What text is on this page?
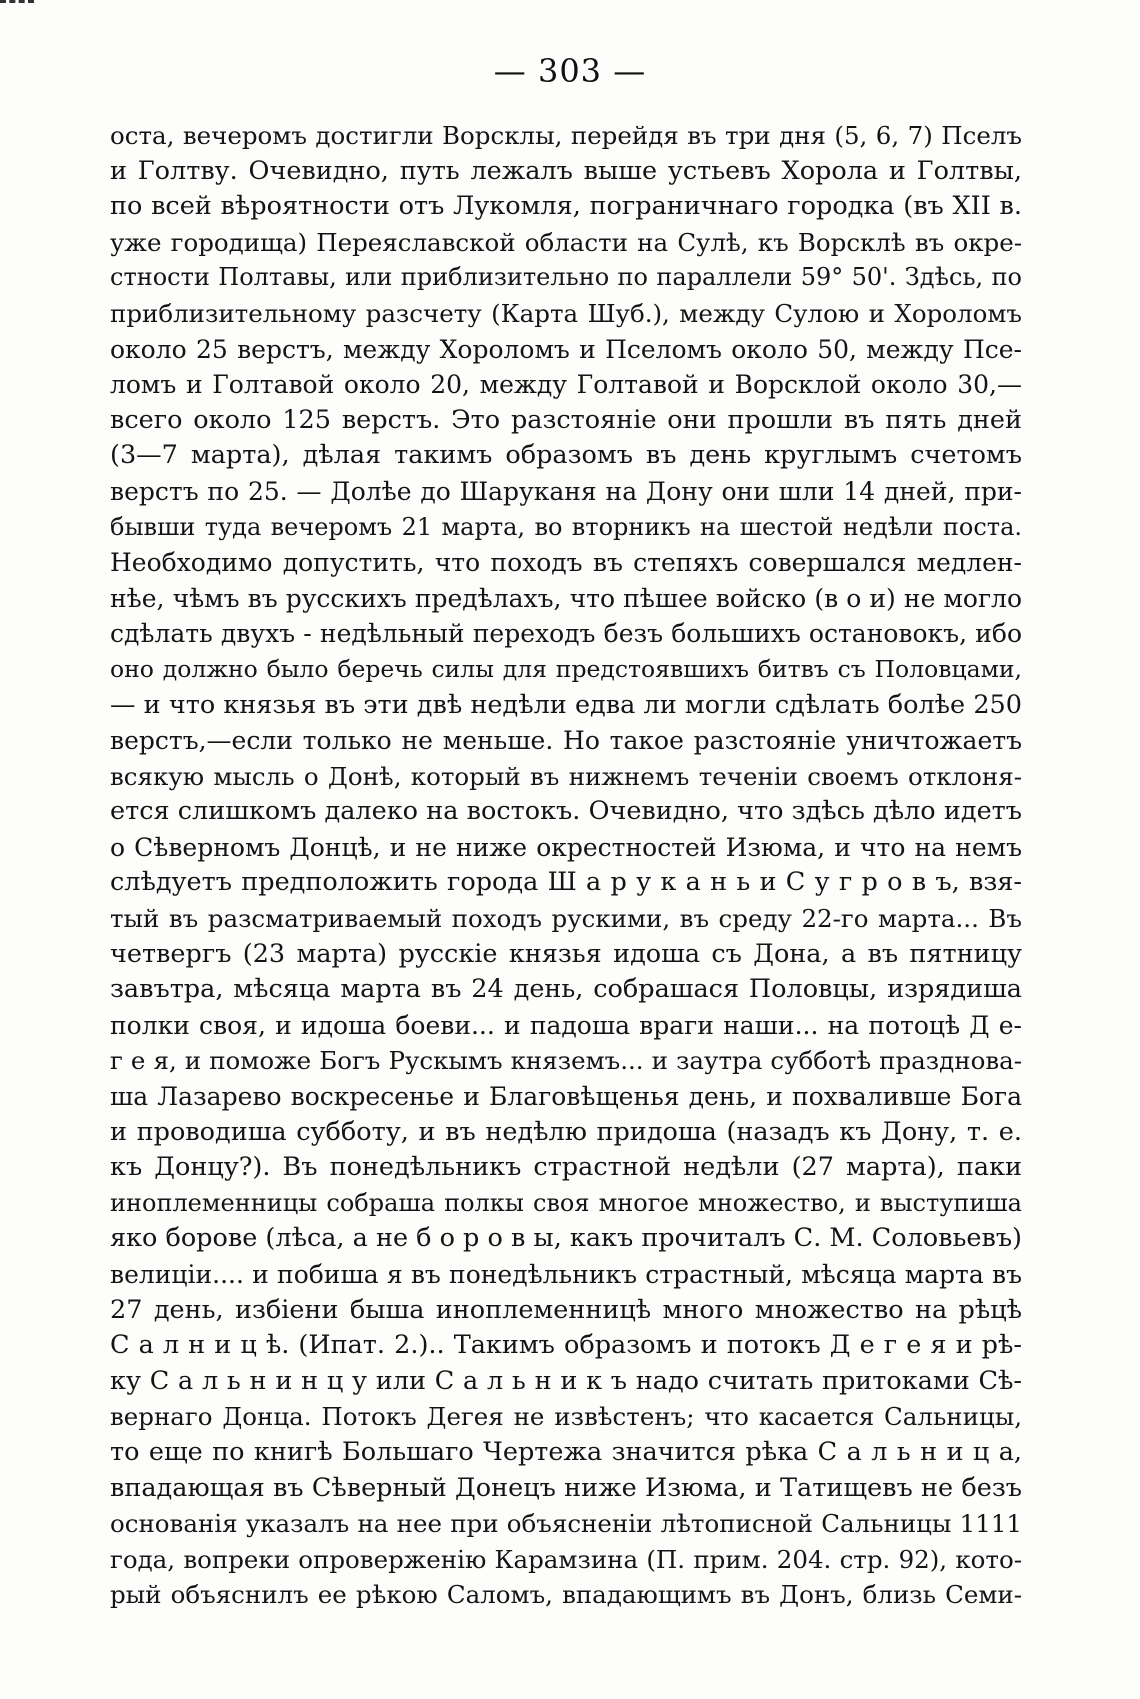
— 303 —
оста, вечеромъ достигли Ворсклы, перейдя въ три дня (5, 6, 7) Пселъ
и Голтву. Очевидно, путь лежалъ выше устьевъ Хорола и Голтвы,
по всей вѣроятности отъ Лукомля, пограничнаго городка (въ XII в.
уже городища) Переяславской области на Сулѣ, къ Ворсклѣ въ окре-
стности Полтавы, или приблизительно по параллели 59° 50'. Здѣсь, по
приблизительному разсчету (Карта Шуб.), между Сулою и Хороломъ
около 25 верстъ, между Хороломъ и Пселомъ около 50, между Псе-
ломъ и Голтавой около 20, между Голтавой и Ворсклой около 30,—
всего около 125 верстъ. Это разстояніе они прошли въ пять дней
(3—7 марта), дѣлая такимъ образомъ въ день круглымъ счетомъ
верстъ по 25. — Долѣе до Шаруканя на Дону они шли 14 дней, при-
бывши туда вечеромъ 21 марта, во вторникъ на шестой недѣли поста.
Необходимо допустить, что походъ въ степяхъ совершался медлен-
нѣе, чѣмъ въ русскихъ предѣлахъ, что пѣшее войско (в о и) не могло
сдѣлать двухъ - недѣльный переходъ безъ большихъ остановокъ, ибо
оно должно было беречь силы для предстоявшихъ битвъ съ Половцами,
— и что князья въ эти двѣ недѣли едва ли могли сдѣлать болѣе 250
верстъ,—если только не меньше. Но такое разстояніе уничтожаетъ
всякую мысль о Донѣ, который въ нижнемъ теченіи своемъ отклоня-
ется слишкомъ далеко на востокъ. Очевидно, что здѣсь дѣло идетъ
о Сѣверномъ Донцѣ, и не ниже окрестностей Изюма, и что на немъ
слѣдуетъ предположить города Ш а р у к а н ь и С у г р о в ъ, взя-
тый въ разсматриваемый походъ рускими, въ среду 22-го марта... Въ
четвергъ (23 марта) русскіе князья идоша съ Дона, а въ пятницу
завътра, мѣсяца марта въ 24 день, собрашася Половцы, изрядиша
полки своя, и идоша боеви... и падоша враги наши... на потоцѣ Д е-
г е я, и поможе Богъ Рускымъ княземъ... и заутра субботѣ празднова-
ша Лазарево воскресенье и Благовѣщенья день, и похваливше Бога
и проводиша субботу, и въ недѣлю придоша (назадъ къ Дону, т. е.
къ Донцу?). Въ понедѣльникъ страстной недѣли (27 марта), паки
иноплеменницы собраша полкы своя многое множество, и выступиша
яко борове (лѣса, а не б о р о в ы, какъ прочиталъ С. М. Соловьевъ)
велицiи.... и побиша я въ понедѣльникъ страстный, мѣсяца марта въ
27 день, избіени быша иноплеменницѣ много множество на рѣцѣ
С а л н и ц ѣ. (Ипат. 2.).. Такимъ образомъ и потокъ Д е г е я и рѣ-
ку С а л ь н и н ц у или С а л ь н и к ъ надо считать притоками Сѣ-
вернаго Донца. Потокъ Дегея не извѣстенъ; что касается Сальницы,
то еще по книгѣ Большаго Чертежа значится рѣка С а л ь н и ц а,
впадающая въ Сѣверный Донецъ ниже Изюма, и Татищевъ не безъ
основанія указалъ на нее при объясненіи лѣтописной Сальницы 1111
года, вопреки опроверженію Карамзина (П. прим. 204. стр. 92), кото-
рый объяснилъ ее рѣкою Саломъ, впадающимъ въ Донъ, близь Семи-
